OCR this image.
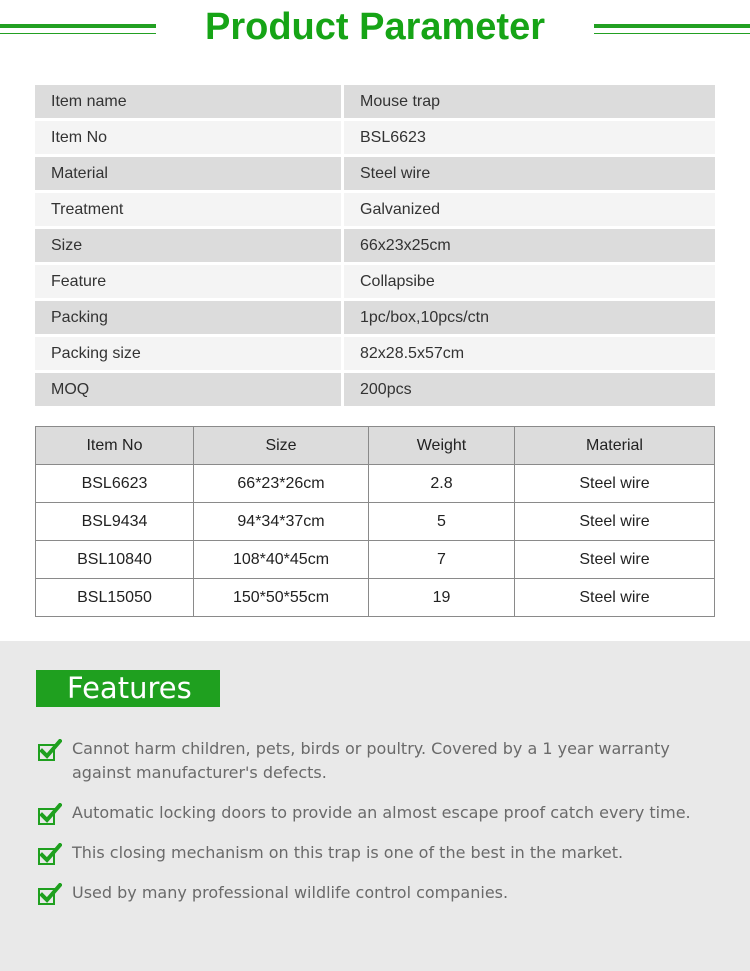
Product Parameter
Item name	Mouse trap
Item No	BSL6623
Material	Steel wire
Treatment	Galvanized
Size	66x23x25cm
Feature	Collapsibe
Packing	1pc/box,10pcs/ctn
Packing size	82x28.5x57cm
MOQ	200pcs
Item No	Size	Weight	Material
BSL6623	66*23*26cm	2.8	Steel wire
BSL9434	94*34*37cm	5	Steel wire
BSL10840	108*40*45cm	7	Steel wire
BSL15050	150*50*55cm	19	Steel wire
Features
Cannot harm children, pets, birds or poultry. Covered by a 1 year warranty against manufacturer's defects.
Automatic locking doors to provide an almost escape proof catch every time.
This closing mechanism on this trap is one of the best in the market.
Used by many professional wildlife control companies.
